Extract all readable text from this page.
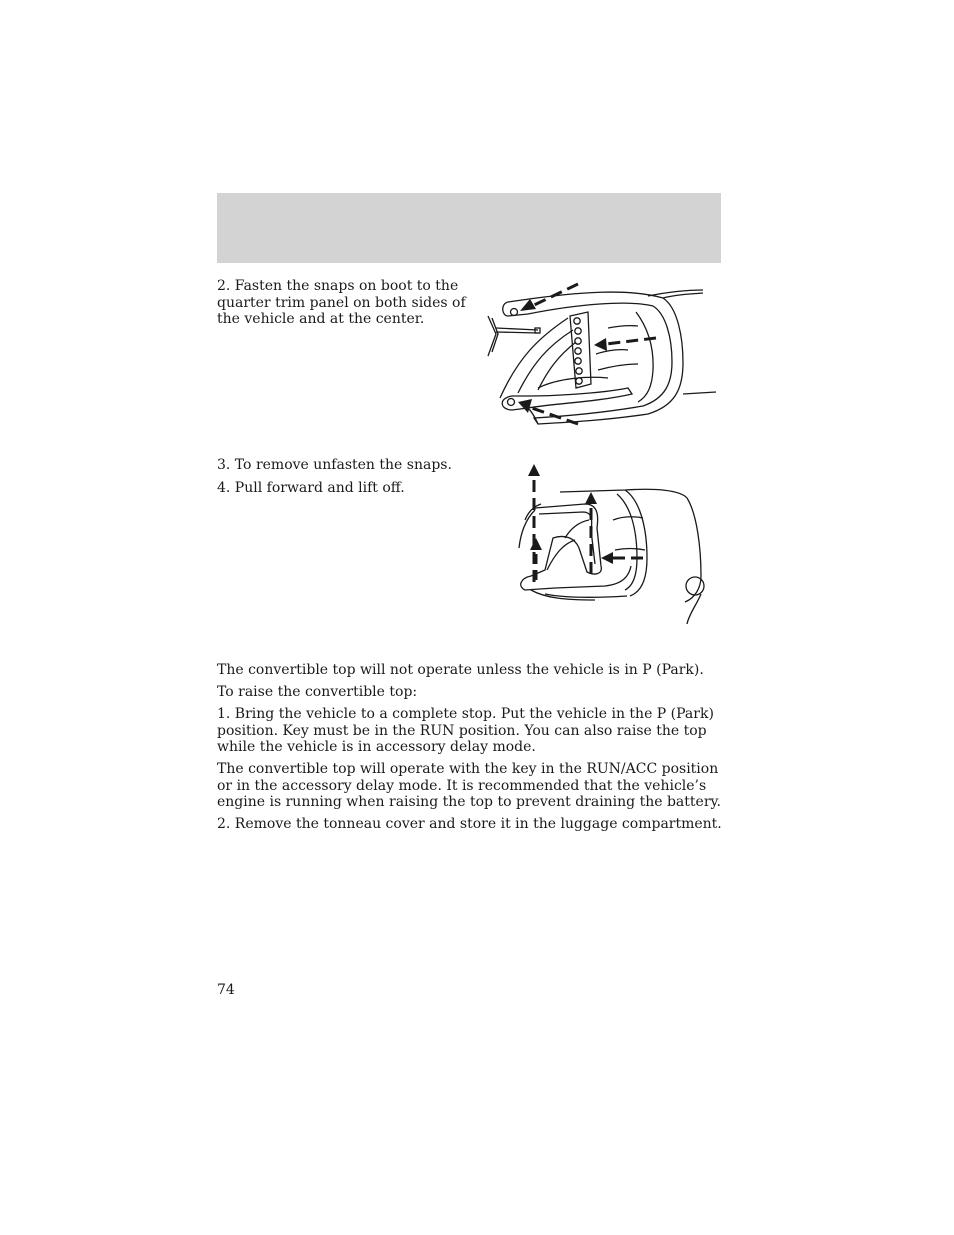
2. Fasten the snaps on boot to the quarter trim panel on both sides of the vehicle and at the center.

3. To remove unfasten the snaps.

4. Pull forward and lift off.

The convertible top will not operate unless the vehicle is in P (Park).

To raise the convertible top:

1. Bring the vehicle to a complete stop. Put the vehicle in the P (Park) position. Key must be in the RUN position. You can also raise the top while the vehicle is in accessory delay mode.

The convertible top will operate with the key in the RUN/ACC position or in the accessory delay mode. It is recommended that the vehicle’s engine is running when raising the top to prevent draining the battery.

2. Remove the tonneau cover and store it in the luggage compartment.

74
